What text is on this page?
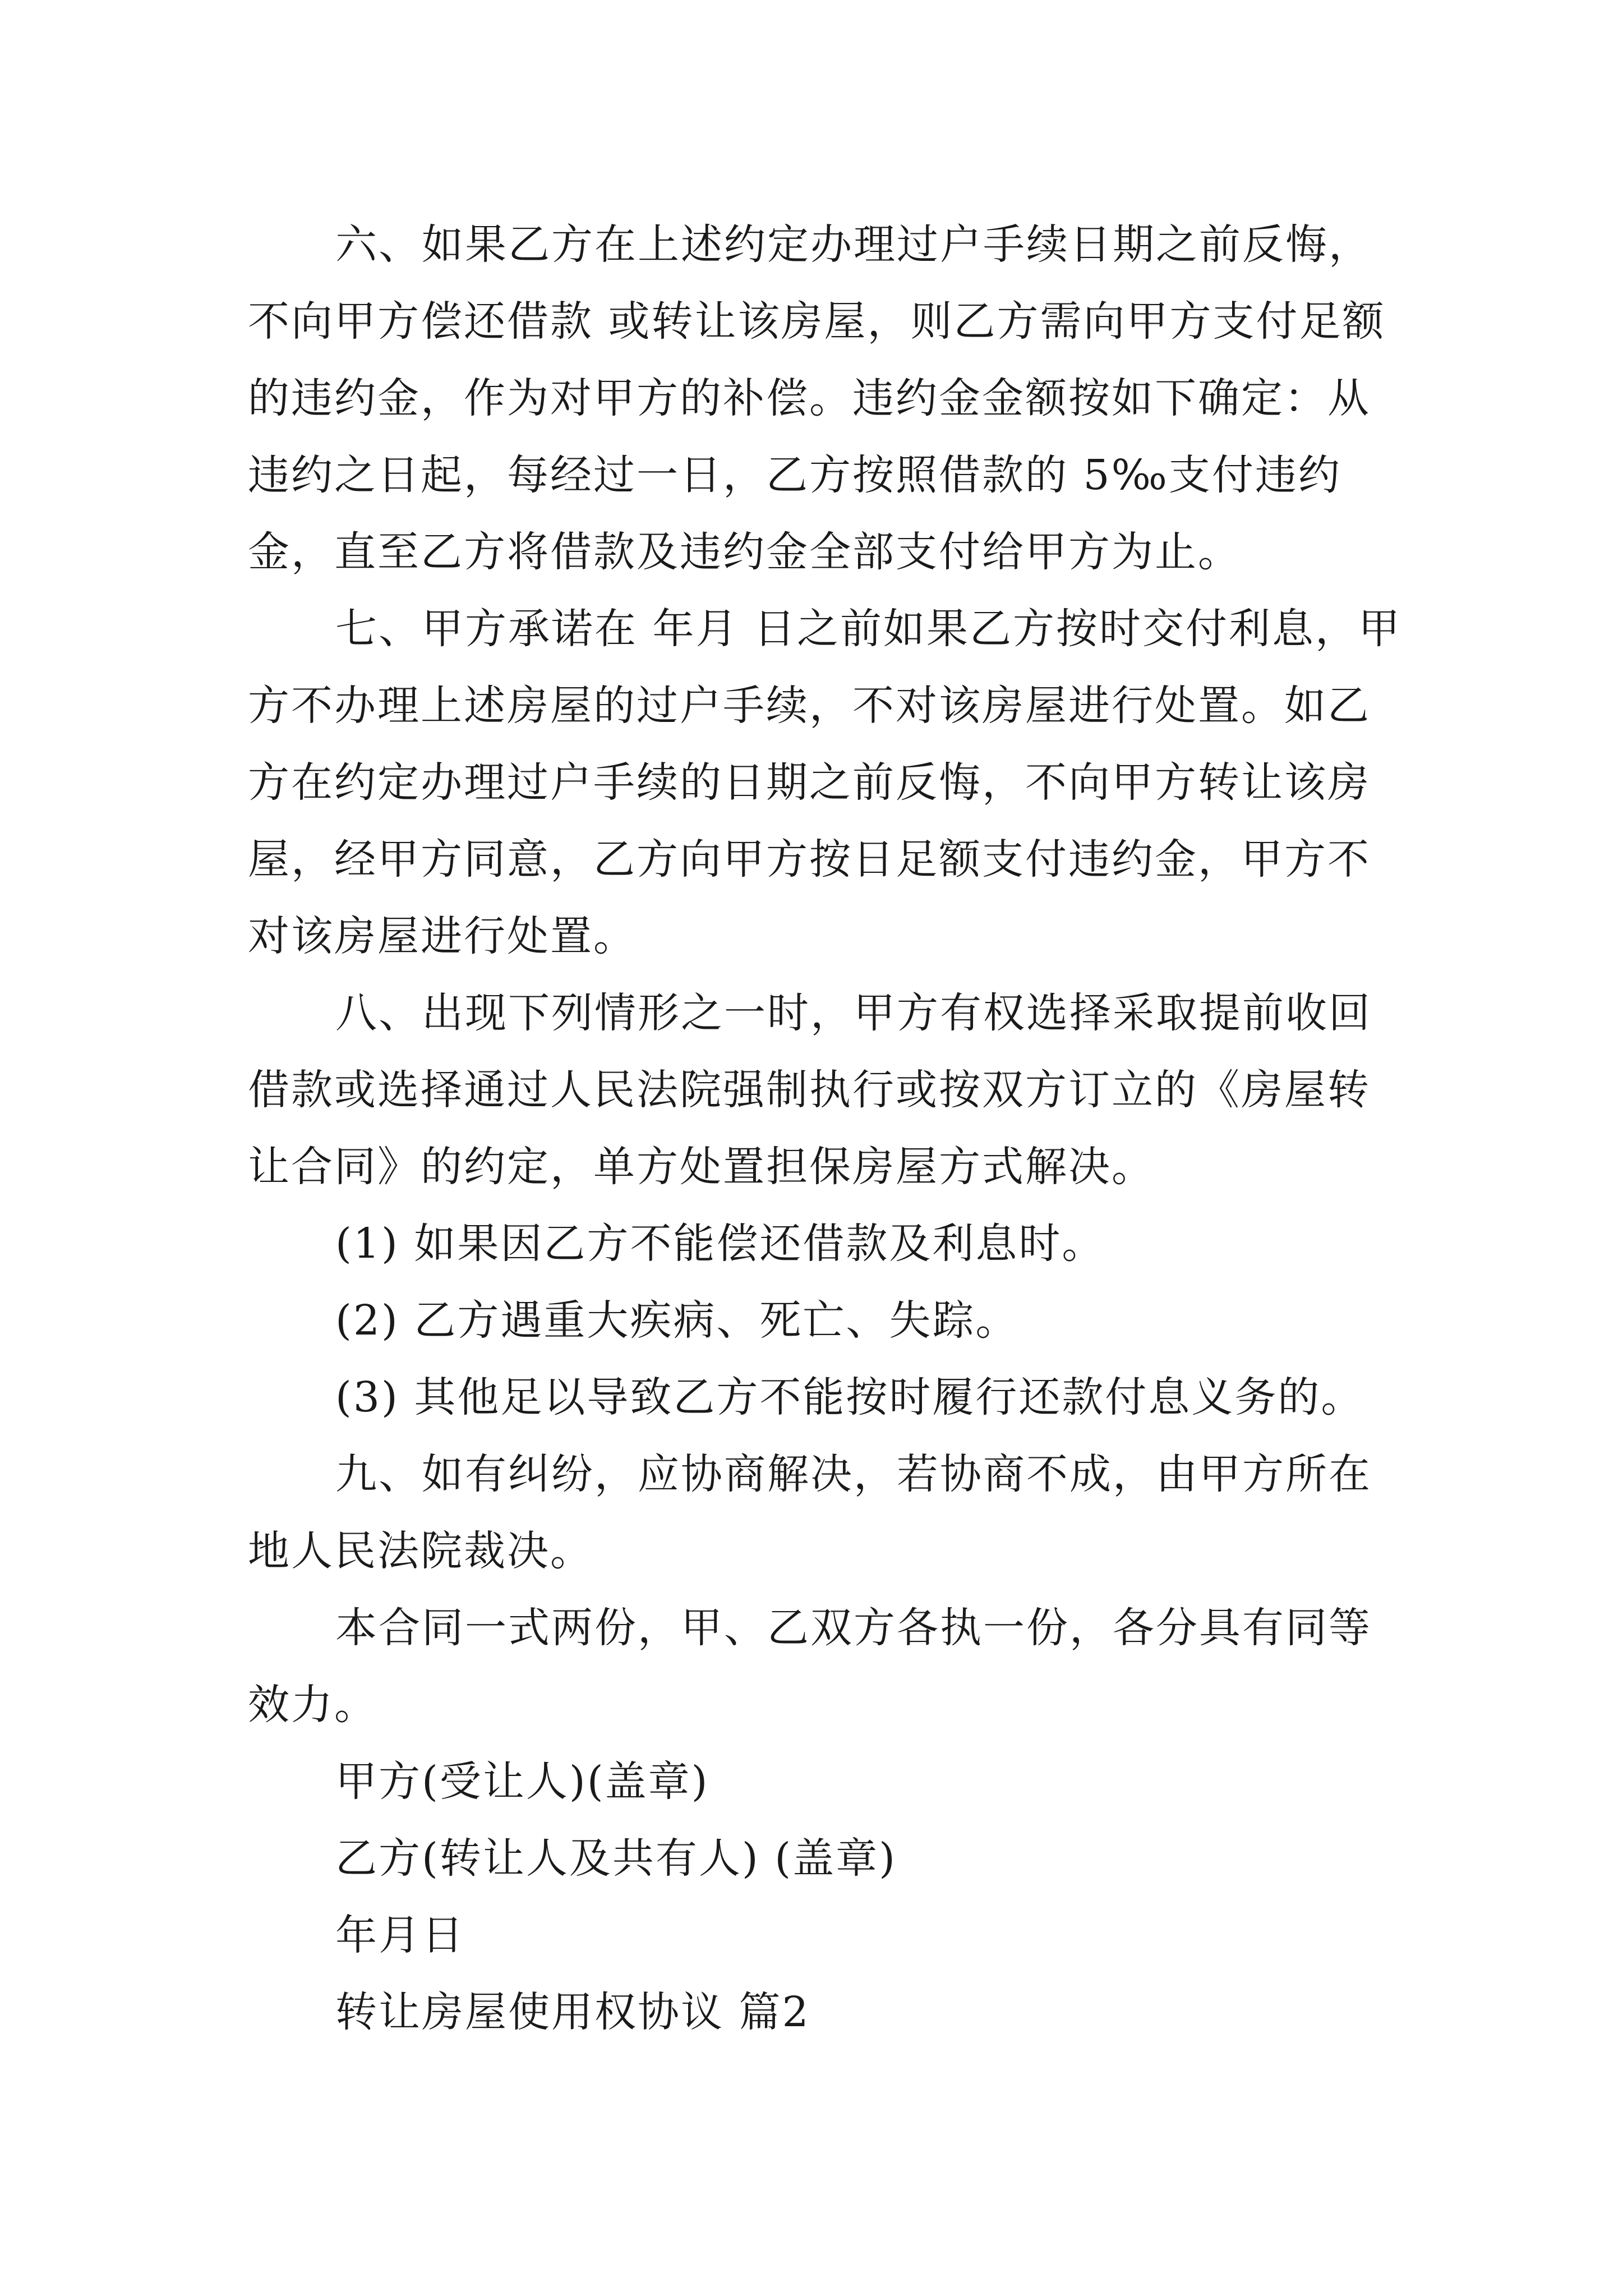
六、如果乙方在上述约定办理过户手续日期之前反悔，不向甲方偿还借款 或转让该房屋，则乙方需向甲方支付足额的违约金，作为对甲方的补偿。违约金金额按如下确定：从违约之日起，每经过一日，乙方按照借款的 5‰支付违约金，直至乙方将借款及违约金全部支付给甲方为止。

七、甲方承诺在 年月 日之前如果乙方按时交付利息，甲方不办理上述房屋的过户手续，不对该房屋进行处置。如乙方在约定办理过户手续的日期之前反悔，不向甲方转让该房屋，经甲方同意，乙方向甲方按日足额支付违约金，甲方不对该房屋进行处置。

八、出现下列情形之一时，甲方有权选择采取提前收回借款或选择通过人民法院强制执行或按双方订立的《房屋转让合同》的约定，单方处置担保房屋方式解决。

(1) 如果因乙方不能偿还借款及利息时。

(2) 乙方遇重大疾病、死亡、失踪。

(3) 其他足以导致乙方不能按时履行还款付息义务的。

九、如有纠纷，应协商解决，若协商不成，由甲方所在地人民法院裁决。

本合同一式两份，甲、乙双方各执一份，各分具有同等效力。

甲方(受让人)(盖章)

乙方(转让人及共有人) (盖章)

年月日

转让房屋使用权协议 篇2
